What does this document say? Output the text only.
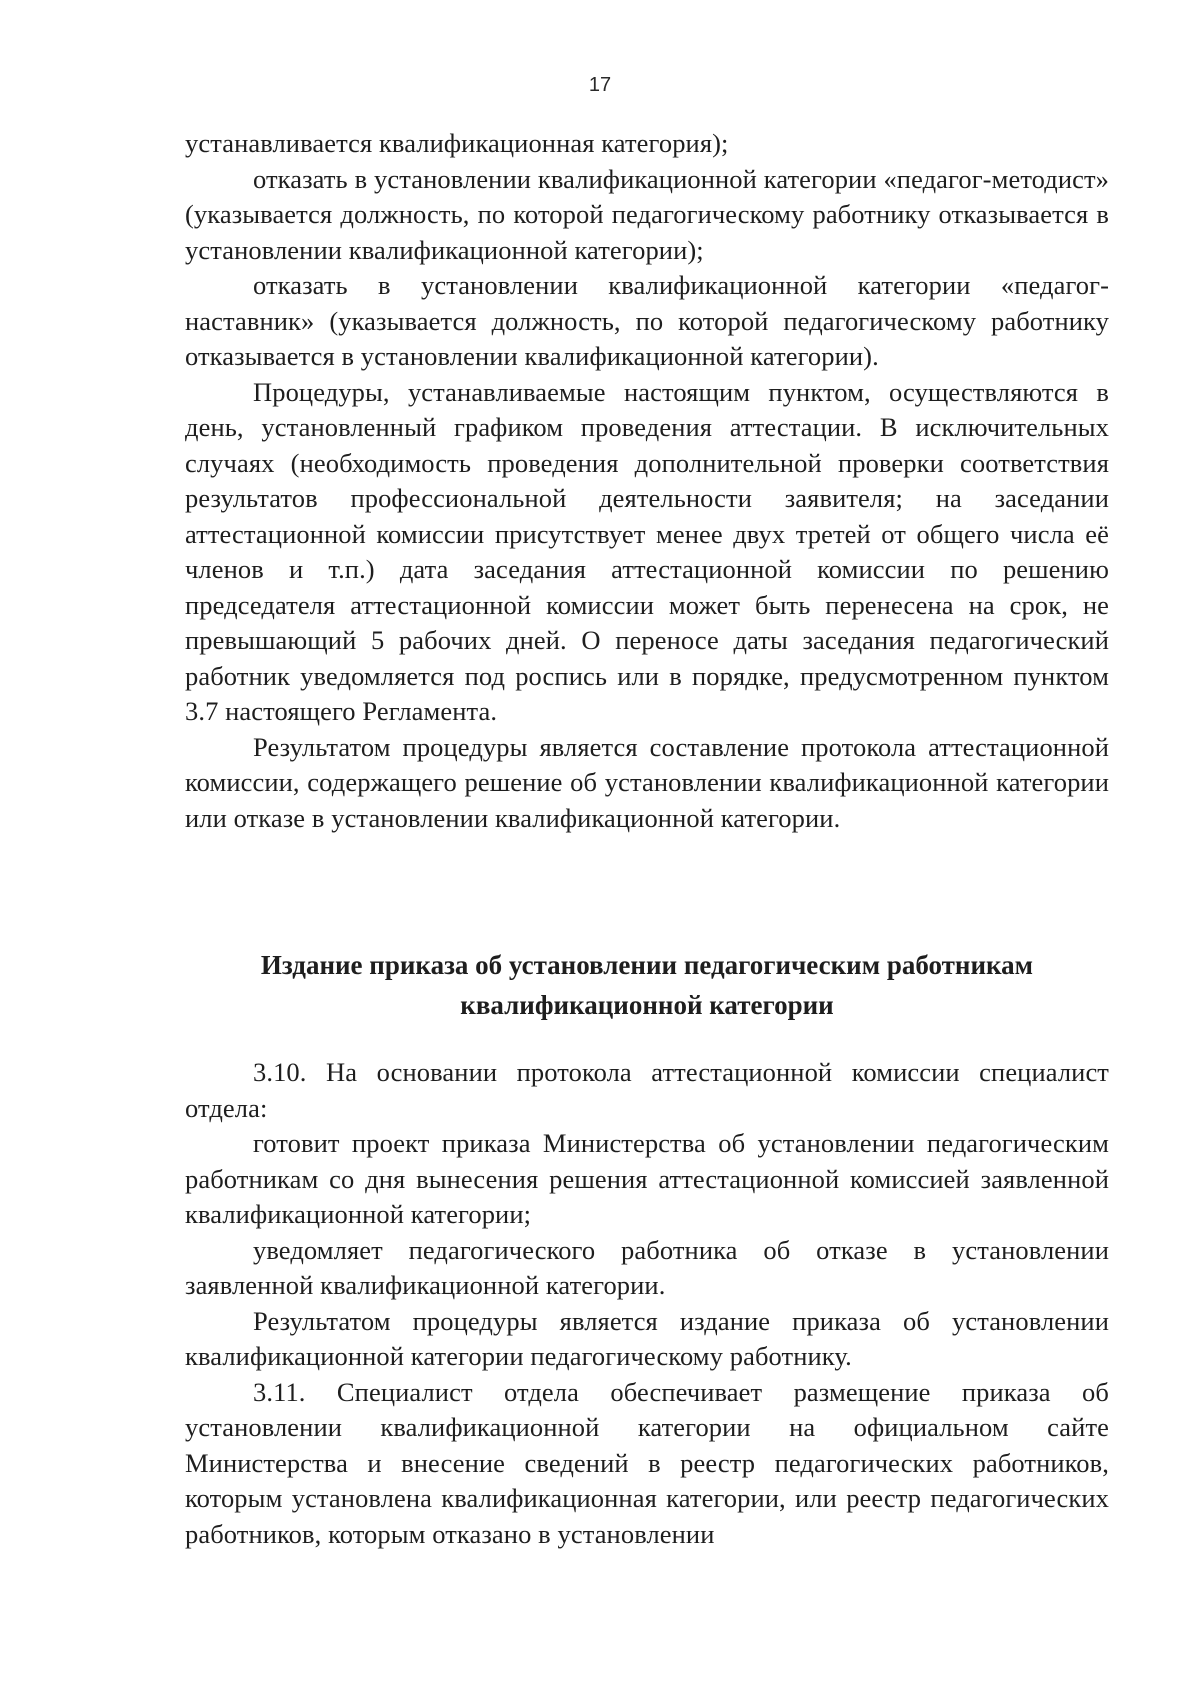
17

устанавливается квалификационная категория);

отказать в установлении квалификационной категории «педагог-методист» (указывается должность, по которой педагогическому работнику отказывается в установлении квалификационной категории);

отказать в установлении квалификационной категории «педагог-наставник» (указывается должность, по которой педагогическому работнику отказывается в установлении квалификационной категории).

Процедуры, устанавливаемые настоящим пунктом, осуществляются в день, установленный графиком проведения аттестации. В исключительных случаях (необходимость проведения дополнительной проверки соответствия результатов профессиональной деятельности заявителя; на заседании аттестационной комиссии присутствует менее двух третей от общего числа её членов и т.п.) дата заседания аттестационной комиссии по решению председателя аттестационной комиссии может быть перенесена на срок, не превышающий 5 рабочих дней. О переносе даты заседания педагогический работник уведомляется под роспись или в порядке, предусмотренном пунктом 3.7 настоящего Регламента.

Результатом процедуры является составление протокола аттестационной комиссии, содержащего решение об установлении квалификационной категории или отказе в установлении квалификационной категории.

Издание приказа об установлении педагогическим работникам

квалификационной категории

3.10. На основании протокола аттестационной комиссии специалист отдела:

готовит проект приказа Министерства об установлении педагогическим работникам со дня вынесения решения аттестационной комиссией заявленной квалификационной категории;

уведомляет педагогического работника об отказе в установлении заявленной квалификационной категории.

Результатом процедуры является издание приказа об установлении квалификационной категории педагогическому работнику.

3.11. Специалист отдела обеспечивает размещение приказа об установлении квалификационной категории на официальном сайте Министерства и внесение сведений в реестр педагогических работников, которым установлена квалификационная категории, или реестр педагогических работников, которым отказано в установлении
